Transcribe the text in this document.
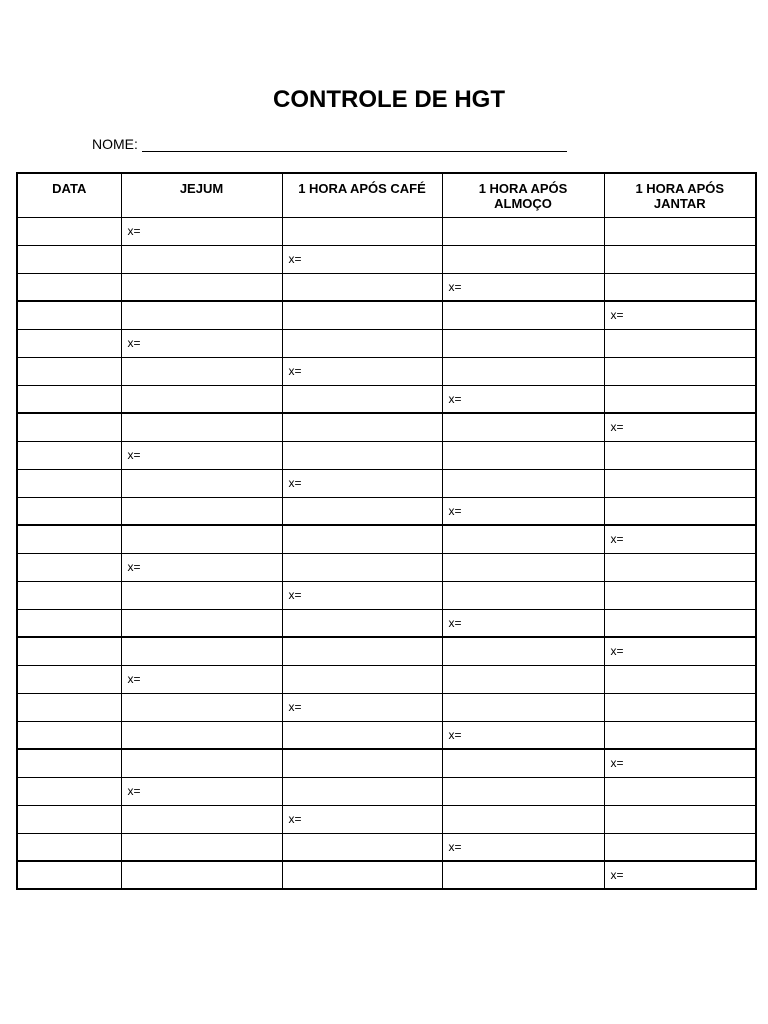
CONTROLE DE HGT
NOME:
DATA	JEJUM	1 HORA APÓS CAFÉ	1 HORA APÓS ALMOÇO	1 HORA APÓS JANTAR
	x=			
		x=		
			x=	
				x=
	x=			
		x=		
			x=	
				x=
	x=			
		x=		
			x=	
				x=
	x=			
		x=		
			x=	
				x=
	x=			
		x=		
			x=	
				x=
	x=			
		x=		
			x=	
				x=
